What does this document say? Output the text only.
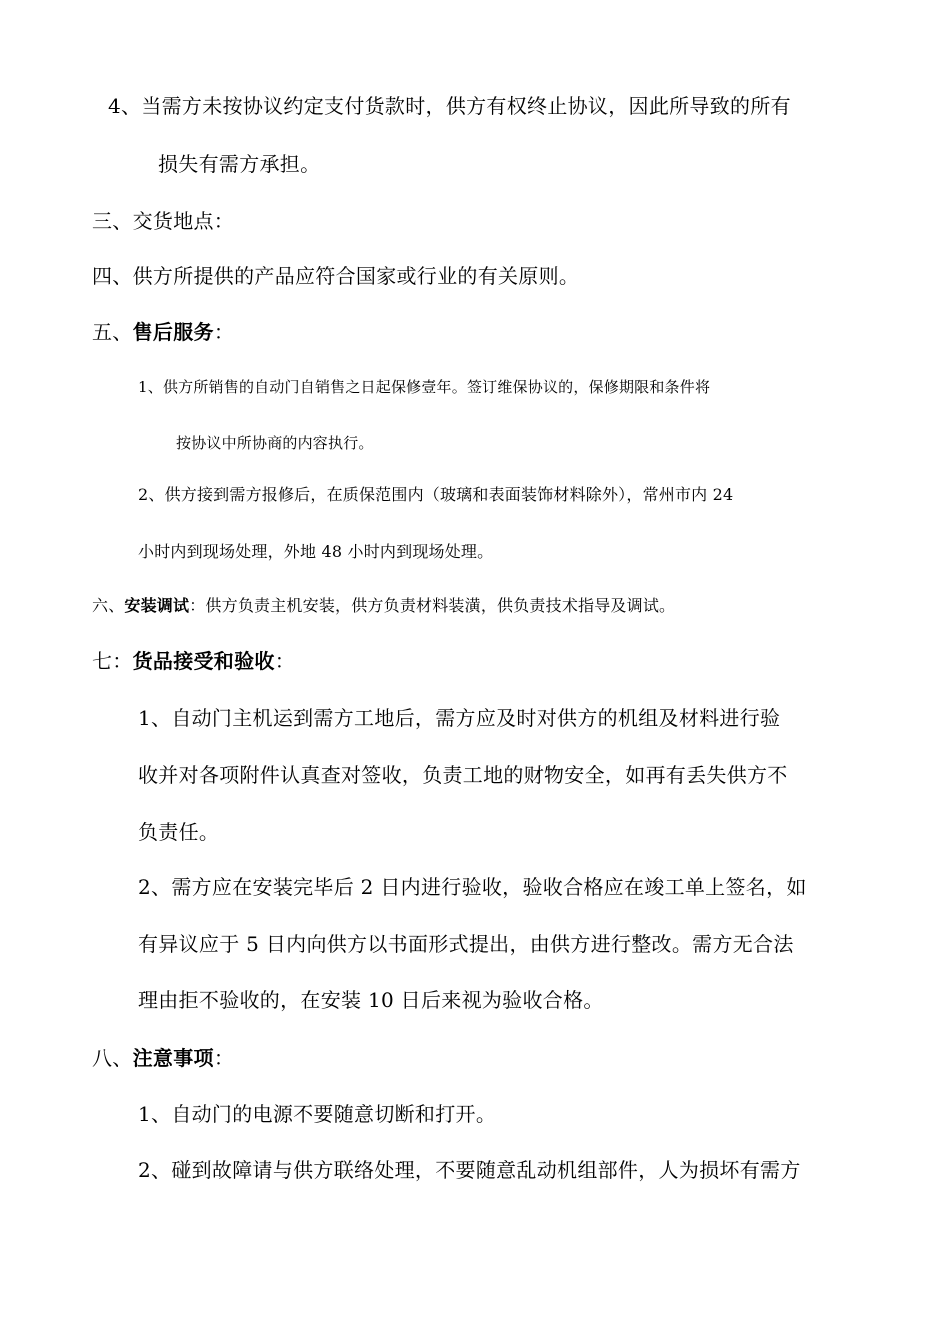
4、当需方未按协议约定支付货款时，供方有权终止协议，因此所导致的所有
损失有需方承担。
三、交货地点：
四、供方所提供的产品应符合国家或行业的有关原则。
五、售后服务：
1、供方所销售的自动门自销售之日起保修壹年。签订维保协议的，保修期限和条件将
按协议中所协商的内容执行。
2、供方接到需方报修后，在质保范围内（玻璃和表面装饰材料除外），常州市内 24
小时内到现场处理，外地 48 小时内到现场处理。
六、安装调试：供方负责主机安装，供方负责材料装潢，供负责技术指导及调试。
七：货品接受和验收：
1、自动门主机运到需方工地后，需方应及时对供方的机组及材料进行验
收并对各项附件认真查对签收，负责工地的财物安全，如再有丢失供方不
负责任。
2、需方应在安装完毕后 2 日内进行验收，验收合格应在竣工单上签名，如
有异议应于 5 日内向供方以书面形式提出，由供方进行整改。需方无合法
理由拒不验收的，在安装 10 日后来视为验收合格。
八、注意事项：
1、自动门的电源不要随意切断和打开。
2、碰到故障请与供方联络处理，不要随意乱动机组部件，人为损坏有需方
